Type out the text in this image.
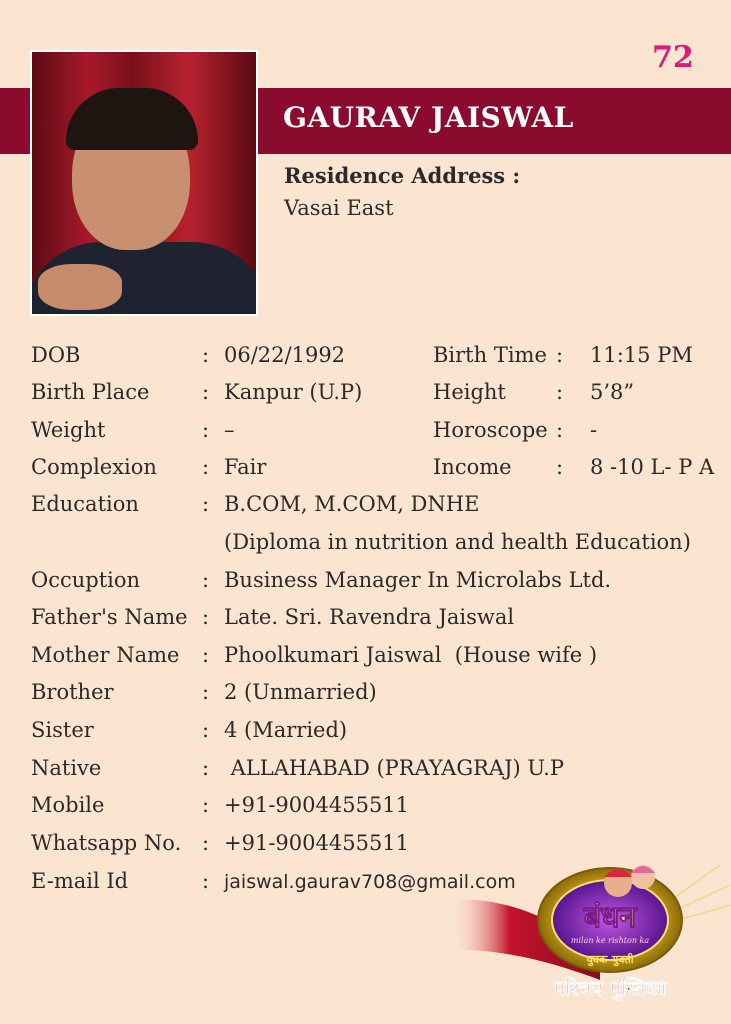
72
GAURAV JAISWAL
Residence Address :
Vasai East
DOB	: 06/22/1992	Birth Time : 11:15 PM
Birth Place	: Kanpur (U.P)	Height : 5’8”
Weight	: –	Horoscope : -
Complexion : Fair	Income : 8 -10 L- P A
Education	: B.COM, M.COM, DNHE
(Diploma in nutrition and health Education)
Occuption	: Business Manager In Microlabs Ltd.
Father's Name : Late. Sri. Ravendra Jaiswal
Mother Name : Phoolkumari Jaiswal  (House wife )
Brother	: 2 (Unmarried)
Sister	: 4 (Married)
Native	: ALLAHABAD (PRAYAGRAJ) U.P
Mobile	: +91-9004455511
Whatsapp No. : +91-9004455511
E-mail Id	: jaiswal.gaurav708@gmail.com
बंधन
milan ke rishton ka
युवक-युवती
परिचय पुस्तिका
